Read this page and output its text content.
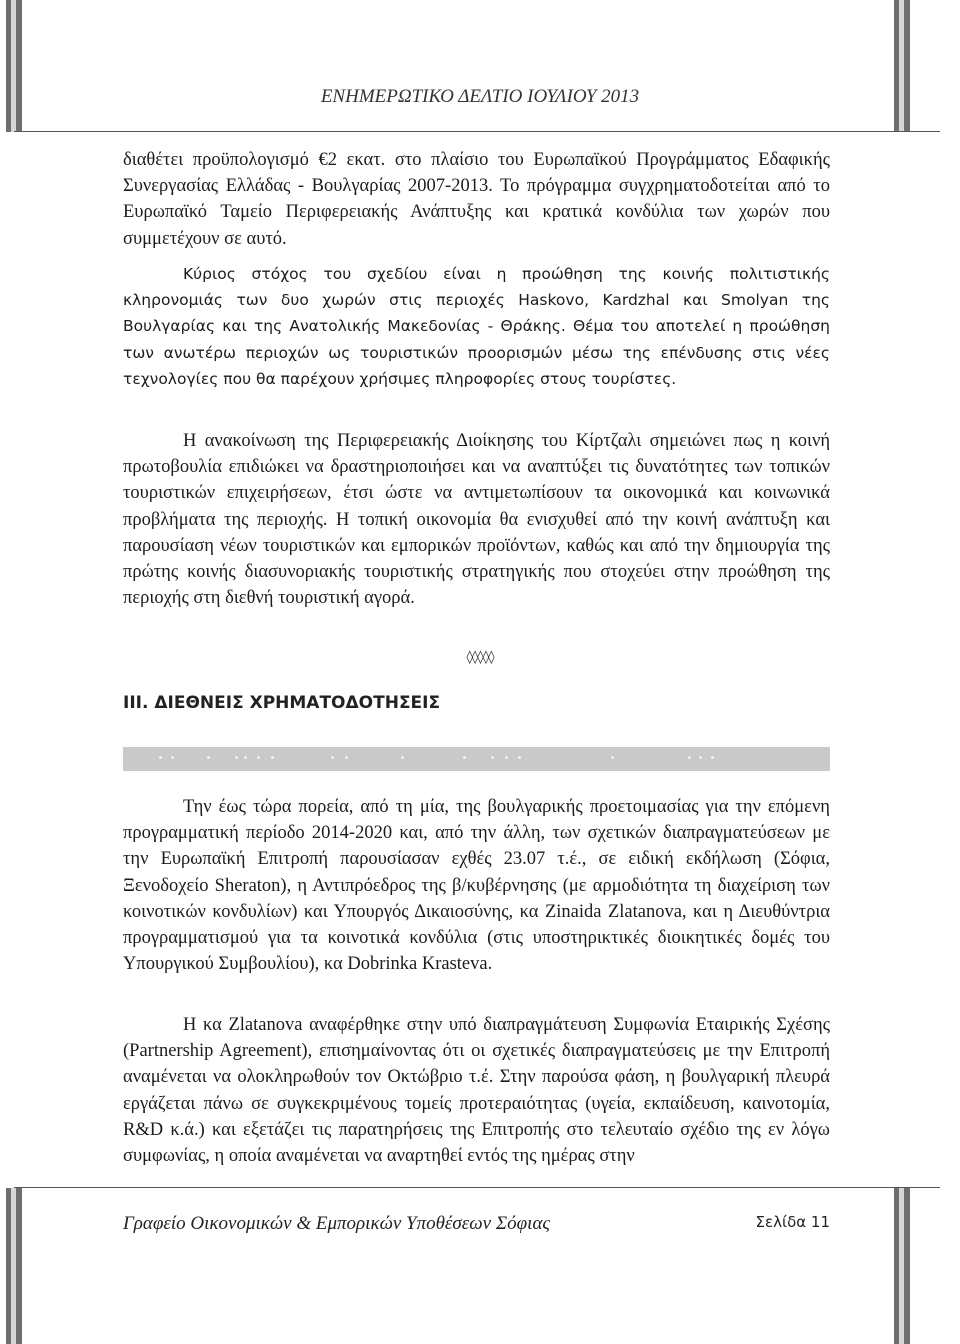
ΕΝΗΜΕΡΩΤΙΚΟ ΔΕΛΤΙΟ ΙΟΥΛΙΟΥ 2013
διαθέτει προϋπολογισμό €2 εκατ. στο πλαίσιο του Ευρωπαϊκού Προγράμματος Εδαφικής Συνεργασίας Ελλάδας - Βουλγαρίας 2007-2013. Το πρόγραμμα συγχρηματοδοτείται από το Ευρωπαϊκό Ταμείο Περιφερειακής Ανάπτυξης και κρατικά κονδύλια των χωρών που συμμετέχουν σε αυτό.
Κύριος στόχος του σχεδίου είναι η προώθηση της κοινής πολιτιστικής κληρονομιάς των δυο χωρών στις περιοχές Haskovo, Kardzhal και Smolyan της Βουλγαρίας και της Ανατολικής Μακεδονίας - Θράκης. Θέμα του αποτελεί η προώθηση των ανωτέρω περιοχών ως τουριστικών προορισμών μέσω της επένδυσης στις νέες τεχνολογίες που θα παρέχουν χρήσιμες πληροφορίες στους τουρίστες.
Η ανακοίνωση της Περιφερειακής Διοίκησης του Κίρτζαλι σημειώνει πως η κοινή πρωτοβουλία επιδιώκει να δραστηριοποιήσει και να αναπτύξει τις δυνατότητες των τοπικών τουριστικών επιχειρήσεων, έτσι ώστε να αντιμετωπίσουν τα οικονομικά και κοινωνικά προβλήματα της περιοχής. Η τοπική οικονομία θα ενισχυθεί από την κοινή ανάπτυξη και παρουσίαση νέων τουριστικών και εμπορικών προϊόντων, καθώς και από την δημιουργία της πρώτης κοινής διασυνοριακής τουριστικής στρατηγικής που στοχεύει στην προώθηση της περιοχής στη διεθνή τουριστική αγορά.
◊◊◊◊◊
III. ΔΙΕΘΝΕΙΣ ΧΡΗΜΑΤΟΔΟΤΗΣΕΙΣ
Την έως τώρα πορεία, από τη μία, της βουλγαρικής προετοιμασίας για την επόμενη προγραμματική περίοδο 2014-2020 και, από την άλλη, των σχετικών διαπραγματεύσεων με την Ευρωπαϊκή Επιτροπή παρουσίασαν εχθές 23.07 τ.έ., σε ειδική εκδήλωση (Σόφια, Ξενοδοχείο Sheraton), η Αντιπρόεδρος της β/κυβέρνησης (με αρμοδιότητα τη διαχείριση των κοινοτικών κονδυλίων) και Υπουργός Δικαιοσύνης, κα Zinaida Zlatanova, και η Διευθύντρια προγραμματισμού για τα κοινοτικά κονδύλια (στις υποστηρικτικές διοικητικές δομές του Υπουργικού Συμβουλίου), κα Dobrinka Krasteva.
Η κα Zlatanova αναφέρθηκε στην υπό διαπραγμάτευση Συμφωνία Εταιρικής Σχέσης (Partnership Agreement), επισημαίνοντας ότι οι σχετικές διαπραγματεύσεις με την Επιτροπή αναμένεται να ολοκληρωθούν τον Οκτώβριο τ.έ. Στην παρούσα φάση, η βουλγαρική πλευρά εργάζεται πάνω σε συγκεκριμένους τομείς προτεραιότητας (υγεία, εκπαίδευση, καινοτομία, R&D κ.ά.) και εξετάζει τις παρατηρήσεις της Επιτροπής στο τελευταίο σχέδιο της εν λόγω συμφωνίας, η οποία αναμένεται να αναρτηθεί εντός της ημέρας στην
Γραφείο Οικονομικών & Εμπορικών Υποθέσεων Σόφιας	Σελίδα 11
